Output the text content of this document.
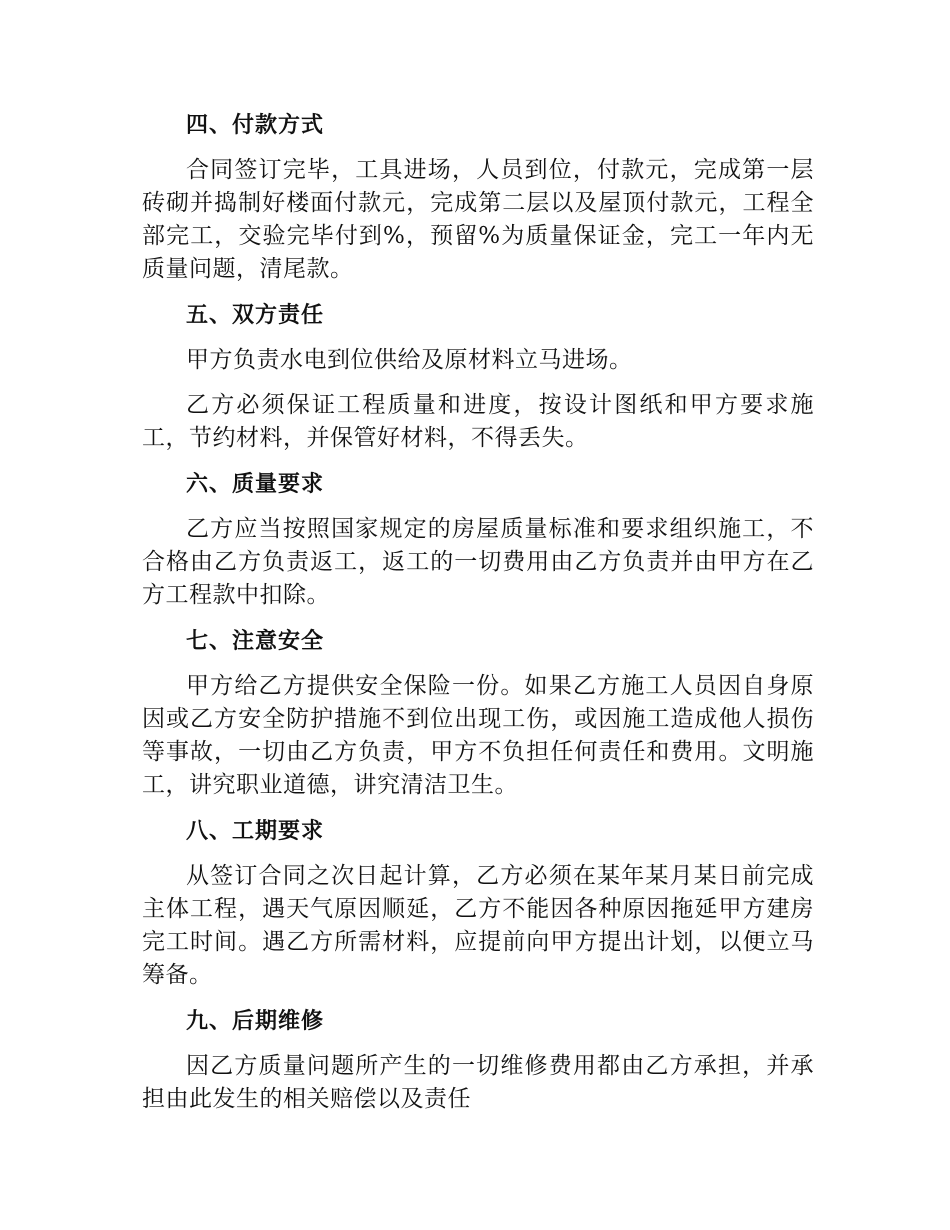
四、付款方式

合同签订完毕，工具进场，人员到位，付款元，完成第一层砖砌并捣制好楼面付款元，完成第二层以及屋顶付款元，工程全部完工，交验完毕付到%，预留%为质量保证金，完工一年内无质量问题，清尾款。

五、双方责任

甲方负责水电到位供给及原材料立马进场。

乙方必须保证工程质量和进度，按设计图纸和甲方要求施工，节约材料，并保管好材料，不得丢失。

六、质量要求

乙方应当按照国家规定的房屋质量标准和要求组织施工，不合格由乙方负责返工，返工的一切费用由乙方负责并由甲方在乙方工程款中扣除。

七、注意安全

甲方给乙方提供安全保险一份。如果乙方施工人员因自身原因或乙方安全防护措施不到位出现工伤，或因施工造成他人损伤等事故，一切由乙方负责，甲方不负担任何责任和费用。文明施工，讲究职业道德，讲究清洁卫生。

八、工期要求

从签订合同之次日起计算，乙方必须在某年某月某日前完成主体工程，遇天气原因顺延，乙方不能因各种原因拖延甲方建房完工时间。遇乙方所需材料，应提前向甲方提出计划，以便立马筹备。

九、后期维修

因乙方质量问题所产生的一切维修费用都由乙方承担，并承担由此发生的相关赔偿以及责任
